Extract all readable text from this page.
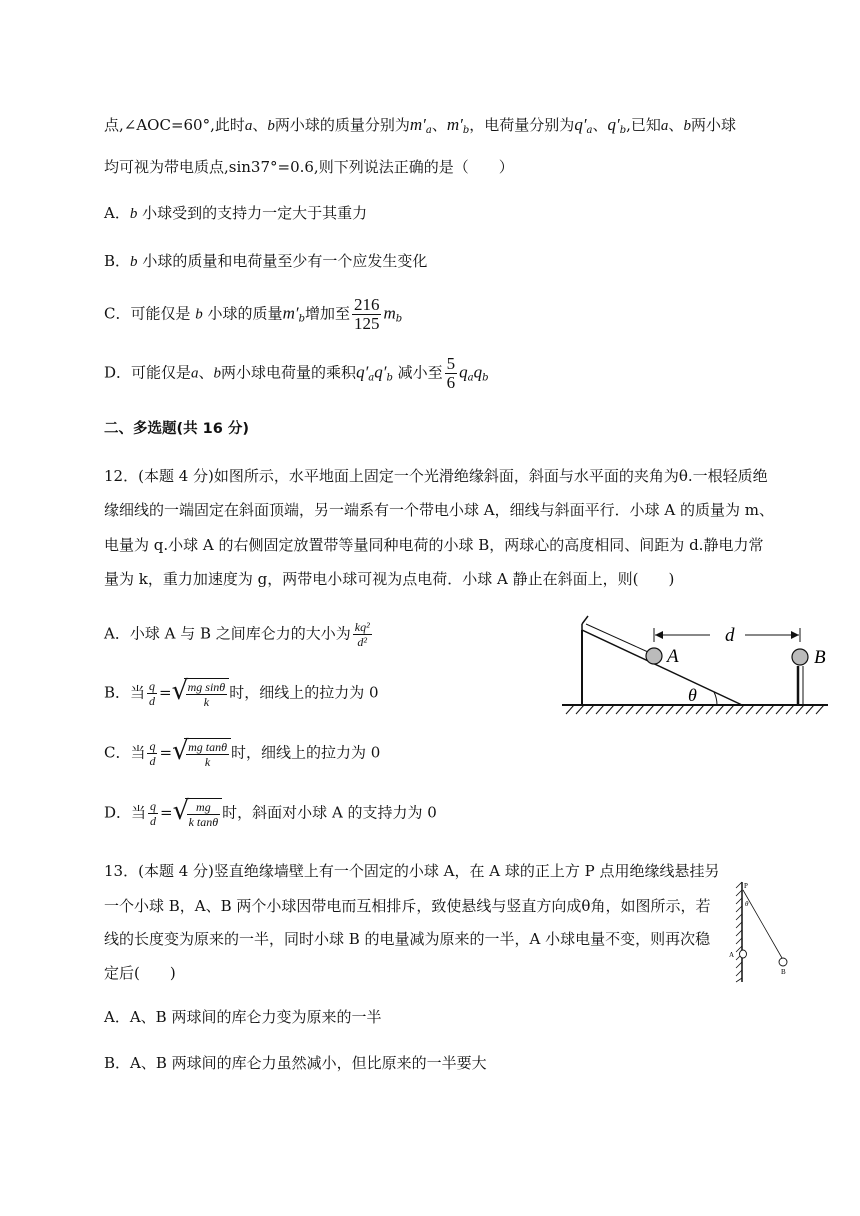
点,∠AOC=60°,此时a、b两小球的质量分别为$m'_a$、$m'_b$，电荷量分别为$q'_a$、$q'_b$,已知a、b两小球
均可视为带电质点,sin37°=0.6,则下列说法正确的是（　　）
A．b 小球受到的支持力一定大于其重力
B．b 小球的质量和电荷量至少有一个应发生变化
C．可能仅是 b 小球的质量$m'_b$增加至 $\frac{216}{125} m_b$
D．可能仅是a、b两小球电荷量的乘积$q'_aq'_b$ 减小至 $\frac{5}{6} q_aq_b$
二、多选题(共 16 分)
12．(本题 4 分)如图所示，水平地面上固定一个光滑绝缘斜面，斜面与水平面的夹角为θ.一根轻质绝
缘细线的一端固定在斜面顶端，另一端系有一个带电小球 A，细线与斜面平行．小球 A 的质量为 m、
电量为 q.小球 A 的右侧固定放置带等量同种电荷的小球 B，两球心的高度相同、间距为 d.静电力常
量为 k，重力加速度为 g，两带电小球可视为点电荷．小球 A 静止在斜面上，则(　　)
A．小球 A 与 B 之间库仑力的大小为 $\frac{\text{kq²}}{\text{d²}}$
B．当 $\frac{q}{d}$ = √
$\frac{\text{mg sinθ}}{k}$ 时，细线上的拉力为 0
C．当 $\frac{q}{d}$ = √
$\frac{\text{mg tanθ}}{k}$ 时，细线上的拉力为 0
D．当 $\frac{q}{d}$ = √
$\frac{mg}{\text{k tanθ}}$ 时，斜面对小球 A 的支持力为 0
A
θ
B
d
13．(本题 4 分)竖直绝缘墙壁上有一个固定的小球 A，在 A 球的正上方 P 点用绝缘线悬挂另
一个小球 B，A、B 两个小球因带电而互相排斥，致使悬线与竖直方向成θ角，如图所示，若
线的长度变为原来的一半，同时小球 B 的电量减为原来的一半，A 小球电量不变，则再次稳
定后(　　)
A．A、B 两球间的库仑力变为原来的一半
B．A、B 两球间的库仑力虽然减小，但比原来的一半要大
P
θ
A
B
